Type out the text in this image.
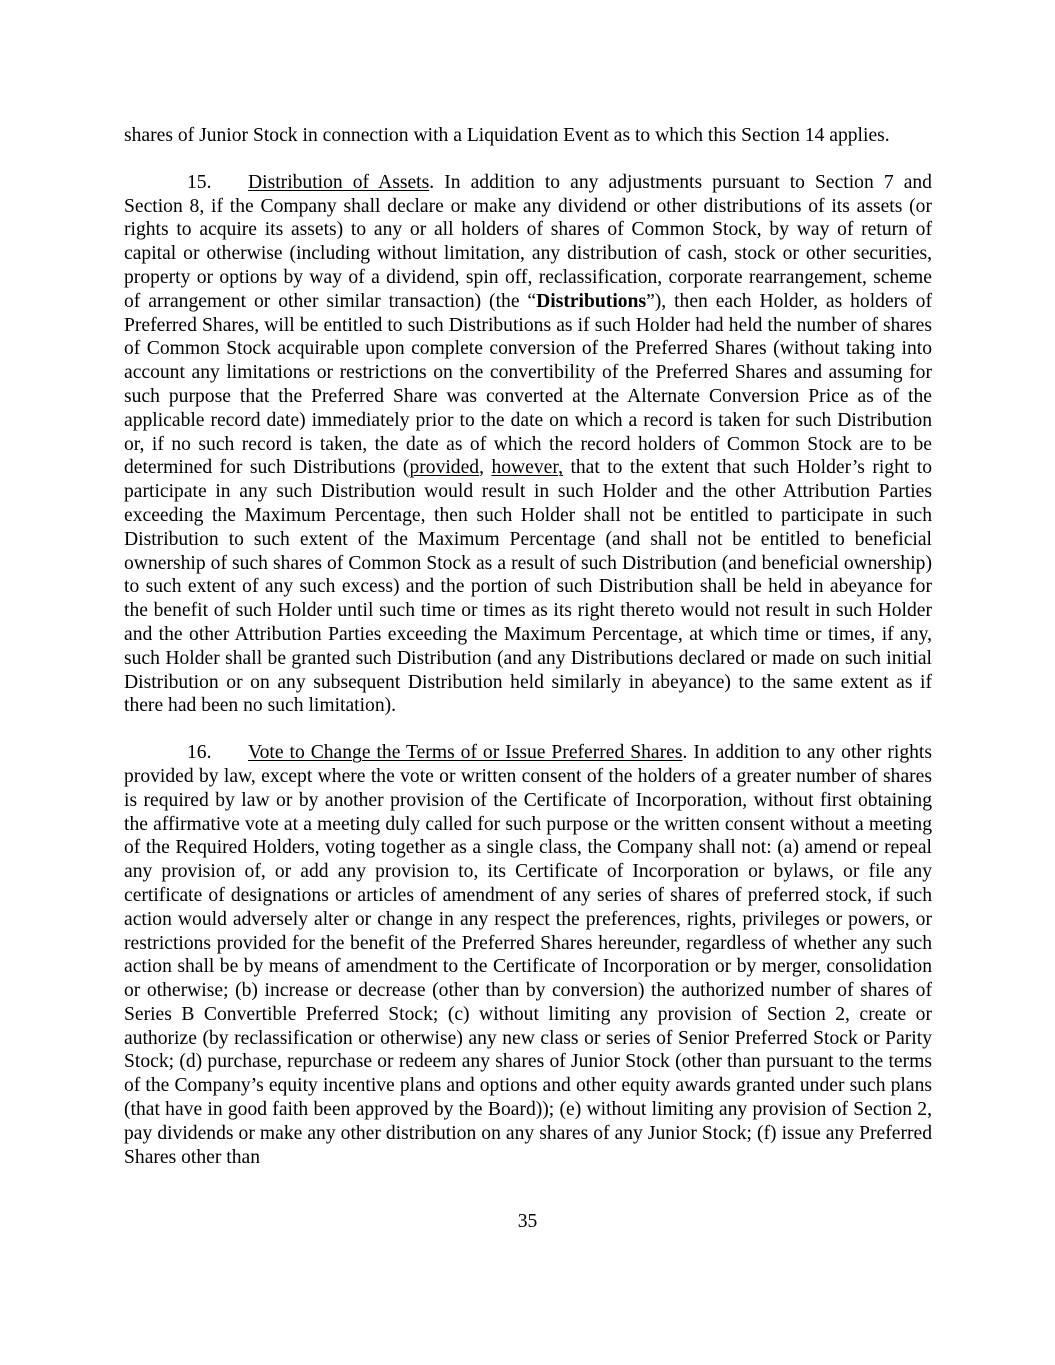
shares of Junior Stock in connection with a Liquidation Event as to which this Section 14 applies.

15. Distribution of Assets. In addition to any adjustments pursuant to Section 7 and Section 8, if the Company shall declare or make any dividend or other distributions of its assets (or rights to acquire its assets) to any or all holders of shares of Common Stock, by way of return of capital or otherwise (including without limitation, any distribution of cash, stock or other securities, property or options by way of a dividend, spin off, reclassification, corporate rearrangement, scheme of arrangement or other similar transaction) (the “Distributions”), then each Holder, as holders of Preferred Shares, will be entitled to such Distributions as if such Holder had held the number of shares of Common Stock acquirable upon complete conversion of the Preferred Shares (without taking into account any limitations or restrictions on the convertibility of the Preferred Shares and assuming for such purpose that the Preferred Share was converted at the Alternate Conversion Price as of the applicable record date) immediately prior to the date on which a record is taken for such Distribution or, if no such record is taken, the date as of which the record holders of Common Stock are to be determined for such Distributions (provided, however, that to the extent that such Holder’s right to participate in any such Distribution would result in such Holder and the other Attribution Parties exceeding the Maximum Percentage, then such Holder shall not be entitled to participate in such Distribution to such extent of the Maximum Percentage (and shall not be entitled to beneficial ownership of such shares of Common Stock as a result of such Distribution (and beneficial ownership) to such extent of any such excess) and the portion of such Distribution shall be held in abeyance for the benefit of such Holder until such time or times as its right thereto would not result in such Holder and the other Attribution Parties exceeding the Maximum Percentage, at which time or times, if any, such Holder shall be granted such Distribution (and any Distributions declared or made on such initial Distribution or on any subsequent Distribution held similarly in abeyance) to the same extent as if there had been no such limitation).

16. Vote to Change the Terms of or Issue Preferred Shares. In addition to any other rights provided by law, except where the vote or written consent of the holders of a greater number of shares is required by law or by another provision of the Certificate of Incorporation, without first obtaining the affirmative vote at a meeting duly called for such purpose or the written consent without a meeting of the Required Holders, voting together as a single class, the Company shall not: (a) amend or repeal any provision of, or add any provision to, its Certificate of Incorporation or bylaws, or file any certificate of designations or articles of amendment of any series of shares of preferred stock, if such action would adversely alter or change in any respect the preferences, rights, privileges or powers, or restrictions provided for the benefit of the Preferred Shares hereunder, regardless of whether any such action shall be by means of amendment to the Certificate of Incorporation or by merger, consolidation or otherwise; (b) increase or decrease (other than by conversion) the authorized number of shares of Series B Convertible Preferred Stock; (c) without limiting any provision of Section 2, create or authorize (by reclassification or otherwise) any new class or series of Senior Preferred Stock or Parity Stock; (d) purchase, repurchase or redeem any shares of Junior Stock (other than pursuant to the terms of the Company’s equity incentive plans and options and other equity awards granted under such plans (that have in good faith been approved by the Board)); (e) without limiting any provision of Section 2, pay dividends or make any other distribution on any shares of any Junior Stock; (f) issue any Preferred Shares other than

35
